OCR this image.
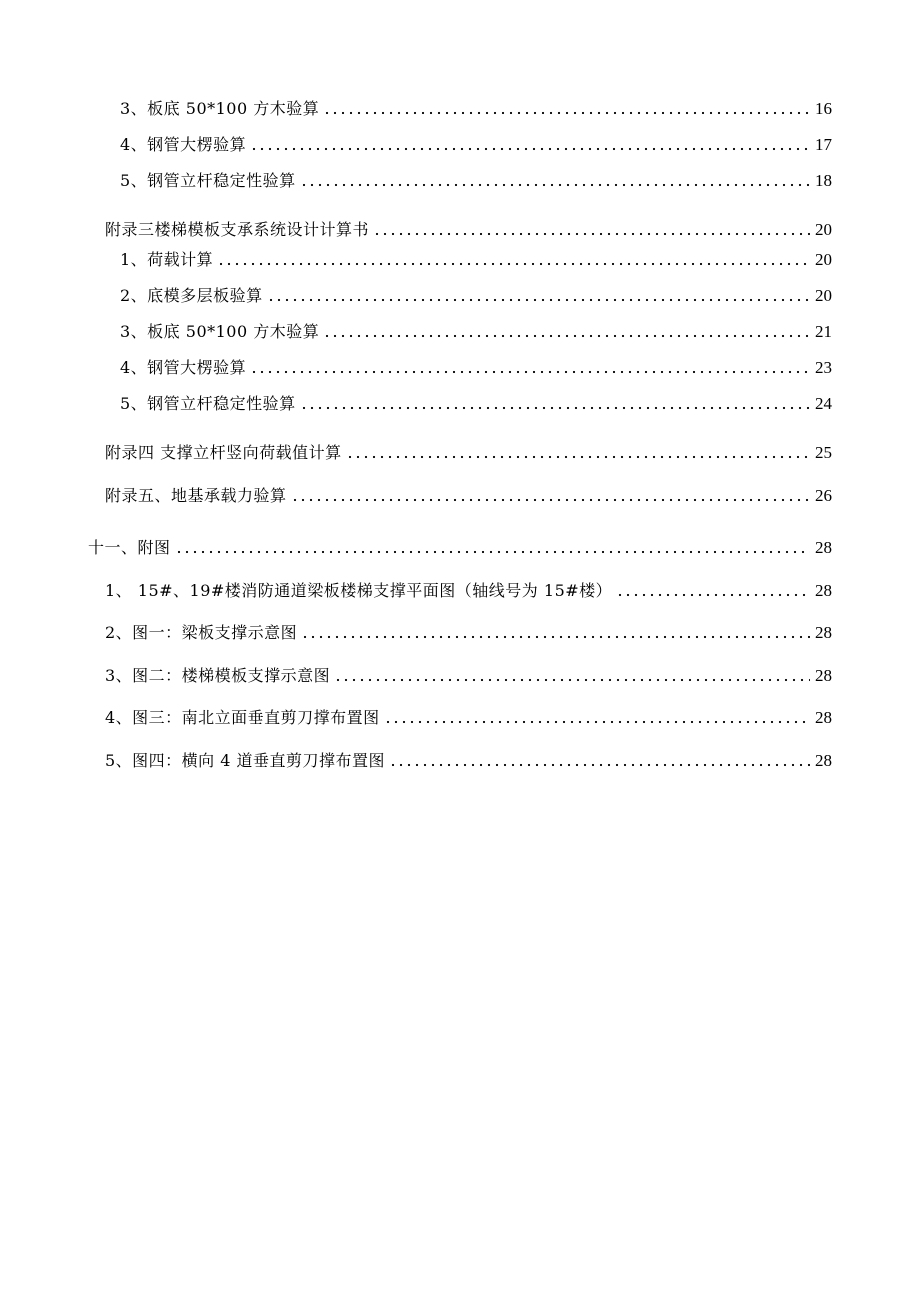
3、板底 50*100 方木验算	16
4、钢管大楞验算	17
5、钢管立杆稳定性验算	18
附录三楼梯模板支承系统设计计算书	20
1、荷载计算	20
2、底模多层板验算	20
3、板底 50*100 方木验算	21
4、钢管大楞验算	23
5、钢管立杆稳定性验算	24
附录四 支撑立杆竖向荷载值计算	25
附录五、地基承载力验算	26
十一、附图	28
1、 15#、19#楼消防通道梁板楼梯支撑平面图（轴线号为 15#楼）	28
2、图一：梁板支撑示意图	28
3、图二：楼梯模板支撑示意图	28
4、图三：南北立面垂直剪刀撑布置图	28
5、图四：横向 4 道垂直剪刀撑布置图	28
